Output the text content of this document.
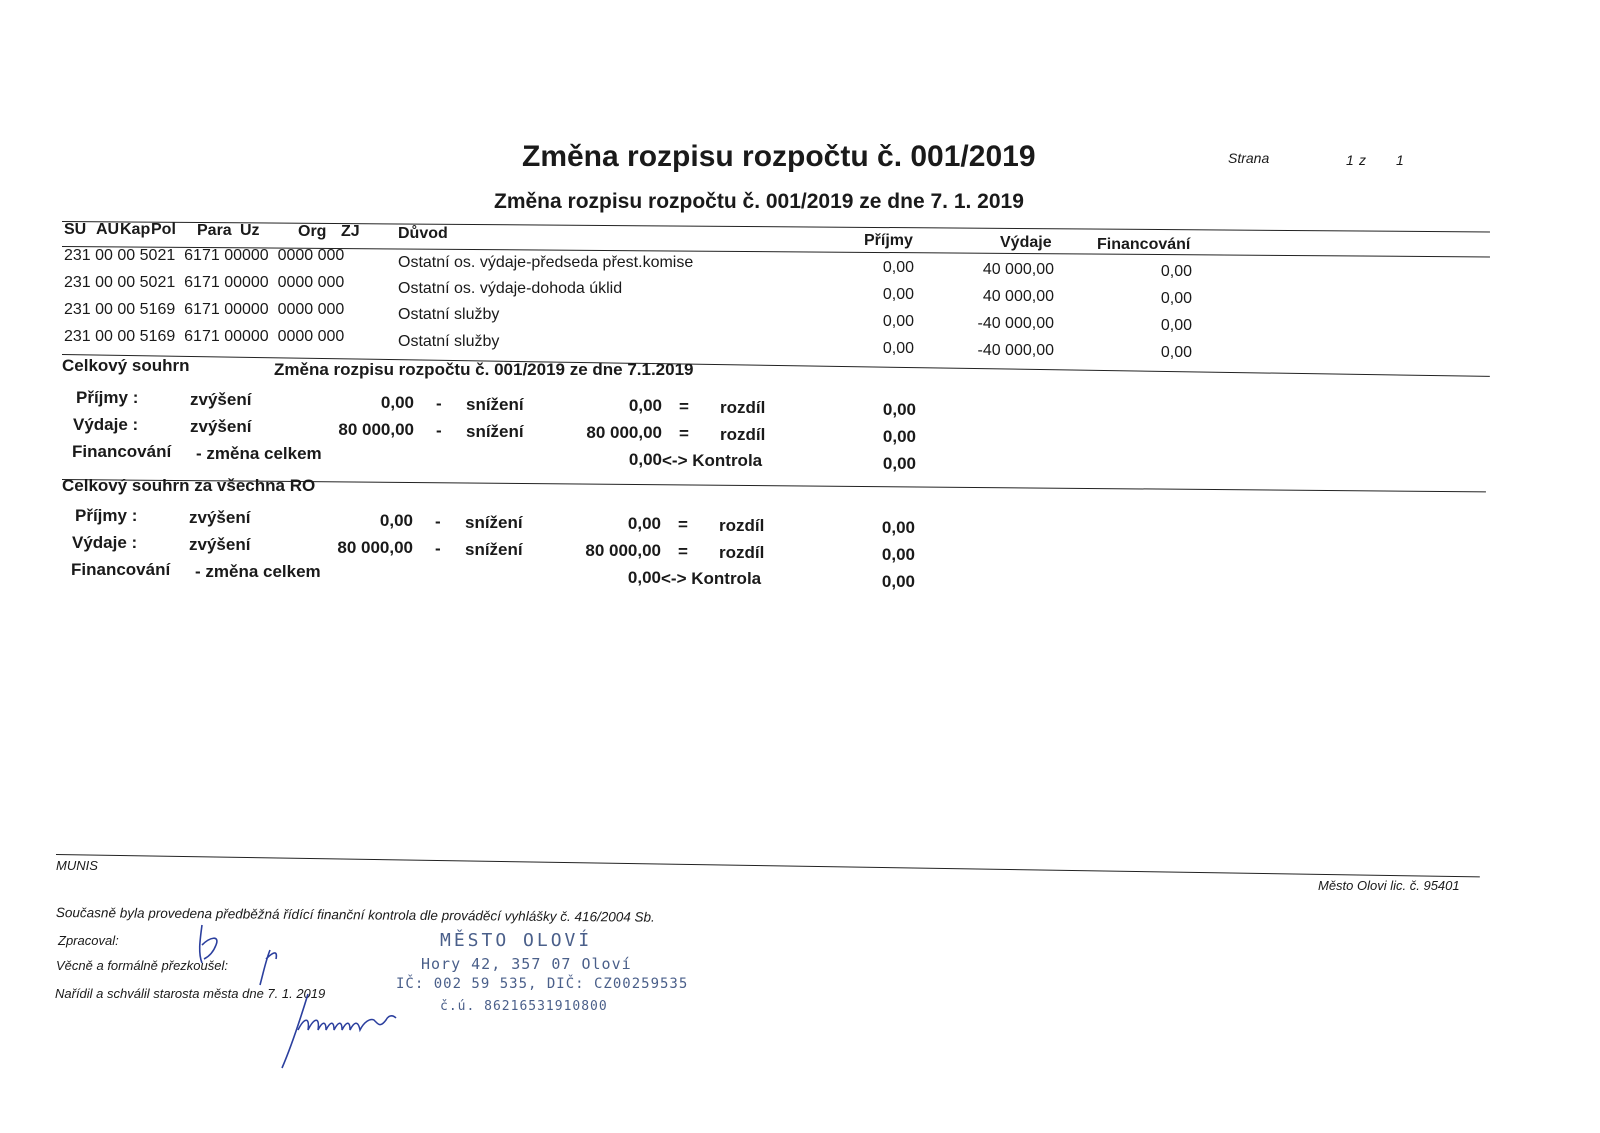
Změna rozpisu rozpočtu č. 001/2019	Strana	1 z 1
Změna rozpisu rozpočtu č. 001/2019 ze dne 7. 1. 2019
SU AU Kap Pol Para Uz Org ZJ Důvod	Příjmy	Výdaje	Financování
231 00 00 5021 6171 00000 0000 000	Ostatní os. výdaje-předseda přest.komise	0,00	40 000,00	0,00
231 00 00 5021 6171 00000 0000 000	Ostatní os. výdaje-dohoda úklid	0,00	40 000,00	0,00
231 00 00 5169 6171 00000 0000 000	Ostatní služby	0,00	-40 000,00	0,00
231 00 00 5169 6171 00000 0000 000	Ostatní služby	0,00	-40 000,00	0,00
Celkový souhrn	Změna rozpisu rozpočtu č. 001/2019 ze dne 7.1.2019
Příjmy :	zvýšení	0,00 - snížení	0,00 = rozdíl	0,00
Výdaje :	zvýšení	80 000,00 - snížení	80 000,00 = rozdíl	0,00
Financování - změna celkem	0,00 <-> Kontrola	0,00
Celkový souhrn za všechna RO
Příjmy :	zvýšení	0,00 - snížení	0,00 = rozdíl	0,00
Výdaje :	zvýšení	80 000,00 - snížení	80 000,00 = rozdíl	0,00
Financování - změna celkem	0,00 <-> Kontrola	0,00
MUNIS
Město Olovi lic. č. 95401
Současně byla provedena předběžná řídící finanční kontrola dle prováděcí vyhlášky č. 416/2004 Sb.
Zpracoval:
Věcně a formálně přezkoušel:
Nařídil a schválil starosta města dne 7. 1. 2019
MĚSTO OLOVÍ
Hory 42, 357 07 Oloví
IČ: 002 59 535, DIČ: CZ00259535
č.ú. 86216531910800
